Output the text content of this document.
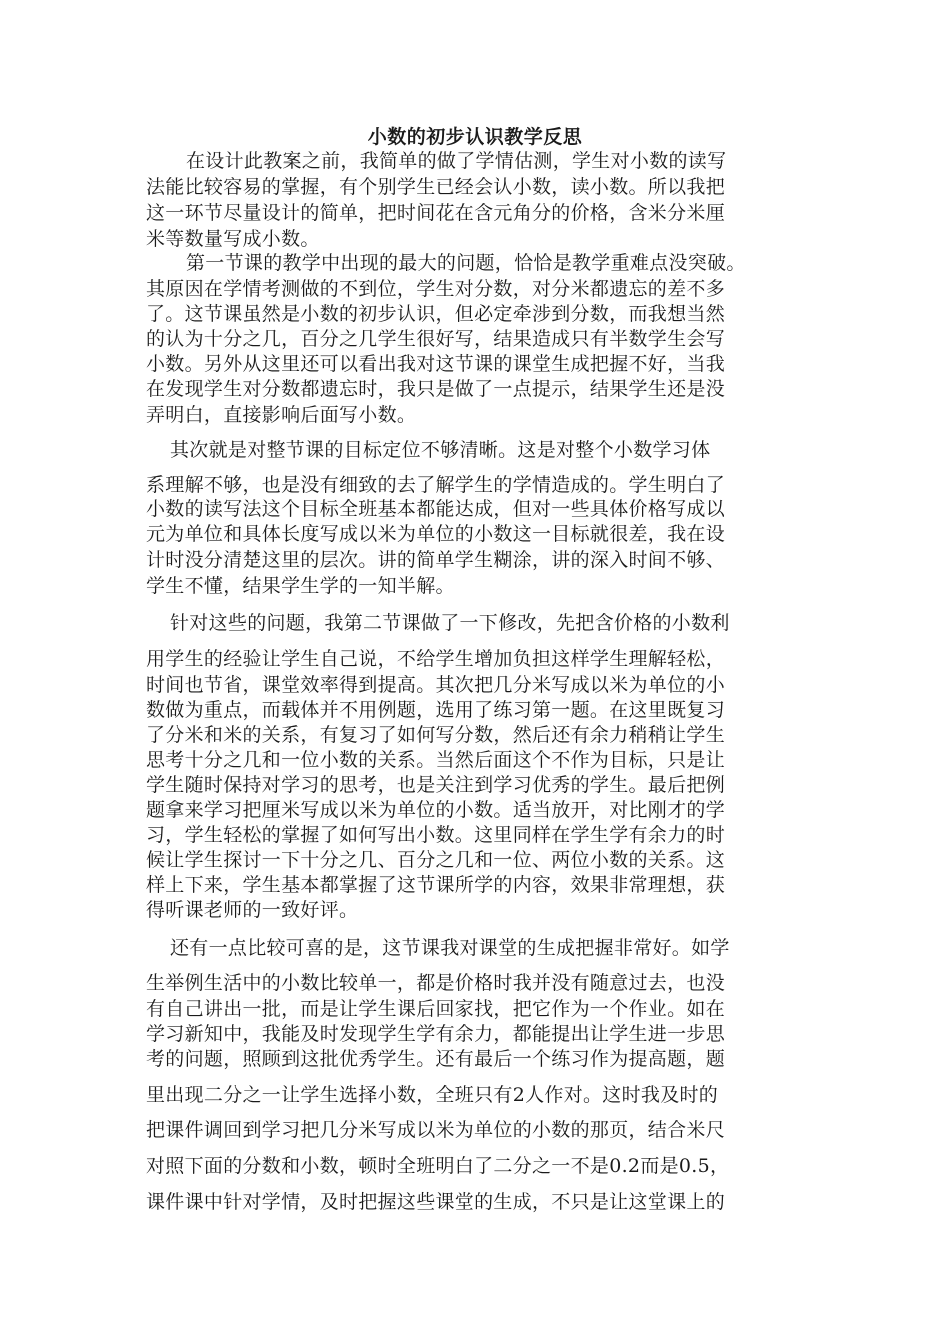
小数的初步认识教学反思
在设计此教案之前，我简单的做了学情估测，学生对小数的读写
法能比较容易的掌握，有个别学生已经会认小数，读小数。所以我把
这一环节尽量设计的简单，把时间花在含元角分的价格，含米分米厘
米等数量写成小数。
第一节课的教学中出现的最大的问题，恰恰是教学重难点没突破。
其原因在学情考测做的不到位，学生对分数，对分米都遗忘的差不多
了。这节课虽然是小数的初步认识，但必定牵涉到分数，而我想当然
的认为十分之几，百分之几学生很好写，结果造成只有半数学生会写
小数。另外从这里还可以看出我对这节课的课堂生成把握不好，当我
在发现学生对分数都遗忘时，我只是做了一点提示，结果学生还是没
弄明白，直接影响后面写小数。
其次就是对整节课的目标定位不够清晰。这是对整个小数学习体
系理解不够，也是没有细致的去了解学生的学情造成的。学生明白了
小数的读写法这个目标全班基本都能达成，但对一些具体价格写成以
元为单位和具体长度写成以米为单位的小数这一目标就很差，我在设
计时没分清楚这里的层次。讲的简单学生糊涂，讲的深入时间不够、
学生不懂，结果学生学的一知半解。
针对这些的问题，我第二节课做了一下修改，先把含价格的小数利
用学生的经验让学生自己说，不给学生增加负担这样学生理解轻松，
时间也节省，课堂效率得到提高。其次把几分米写成以米为单位的小
数做为重点，而载体并不用例题，选用了练习第一题。在这里既复习
了分米和米的关系，有复习了如何写分数，然后还有余力稍稍让学生
思考十分之几和一位小数的关系。当然后面这个不作为目标，只是让
学生随时保持对学习的思考，也是关注到学习优秀的学生。最后把例
题拿来学习把厘米写成以米为单位的小数。适当放开，对比刚才的学
习，学生轻松的掌握了如何写出小数。这里同样在学生学有余力的时
候让学生探讨一下十分之几、百分之几和一位、两位小数的关系。这
样上下来，学生基本都掌握了这节课所学的内容，效果非常理想，获
得听课老师的一致好评。
还有一点比较可喜的是，这节课我对课堂的生成把握非常好。如学
生举例生活中的小数比较单一，都是价格时我并没有随意过去，也没
有自己讲出一批，而是让学生课后回家找，把它作为一个作业。如在
学习新知中，我能及时发现学生学有余力，都能提出让学生进一步思
考的问题，照顾到这批优秀学生。还有最后一个练习作为提高题，题
里出现二分之一让学生选择小数，全班只有2人作对。这时我及时的
把课件调回到学习把几分米写成以米为单位的小数的那页，结合米尺
对照下面的分数和小数，顿时全班明白了二分之一不是0.2而是0.5，
课件课中针对学情，及时把握这些课堂的生成，不只是让这堂课上的
